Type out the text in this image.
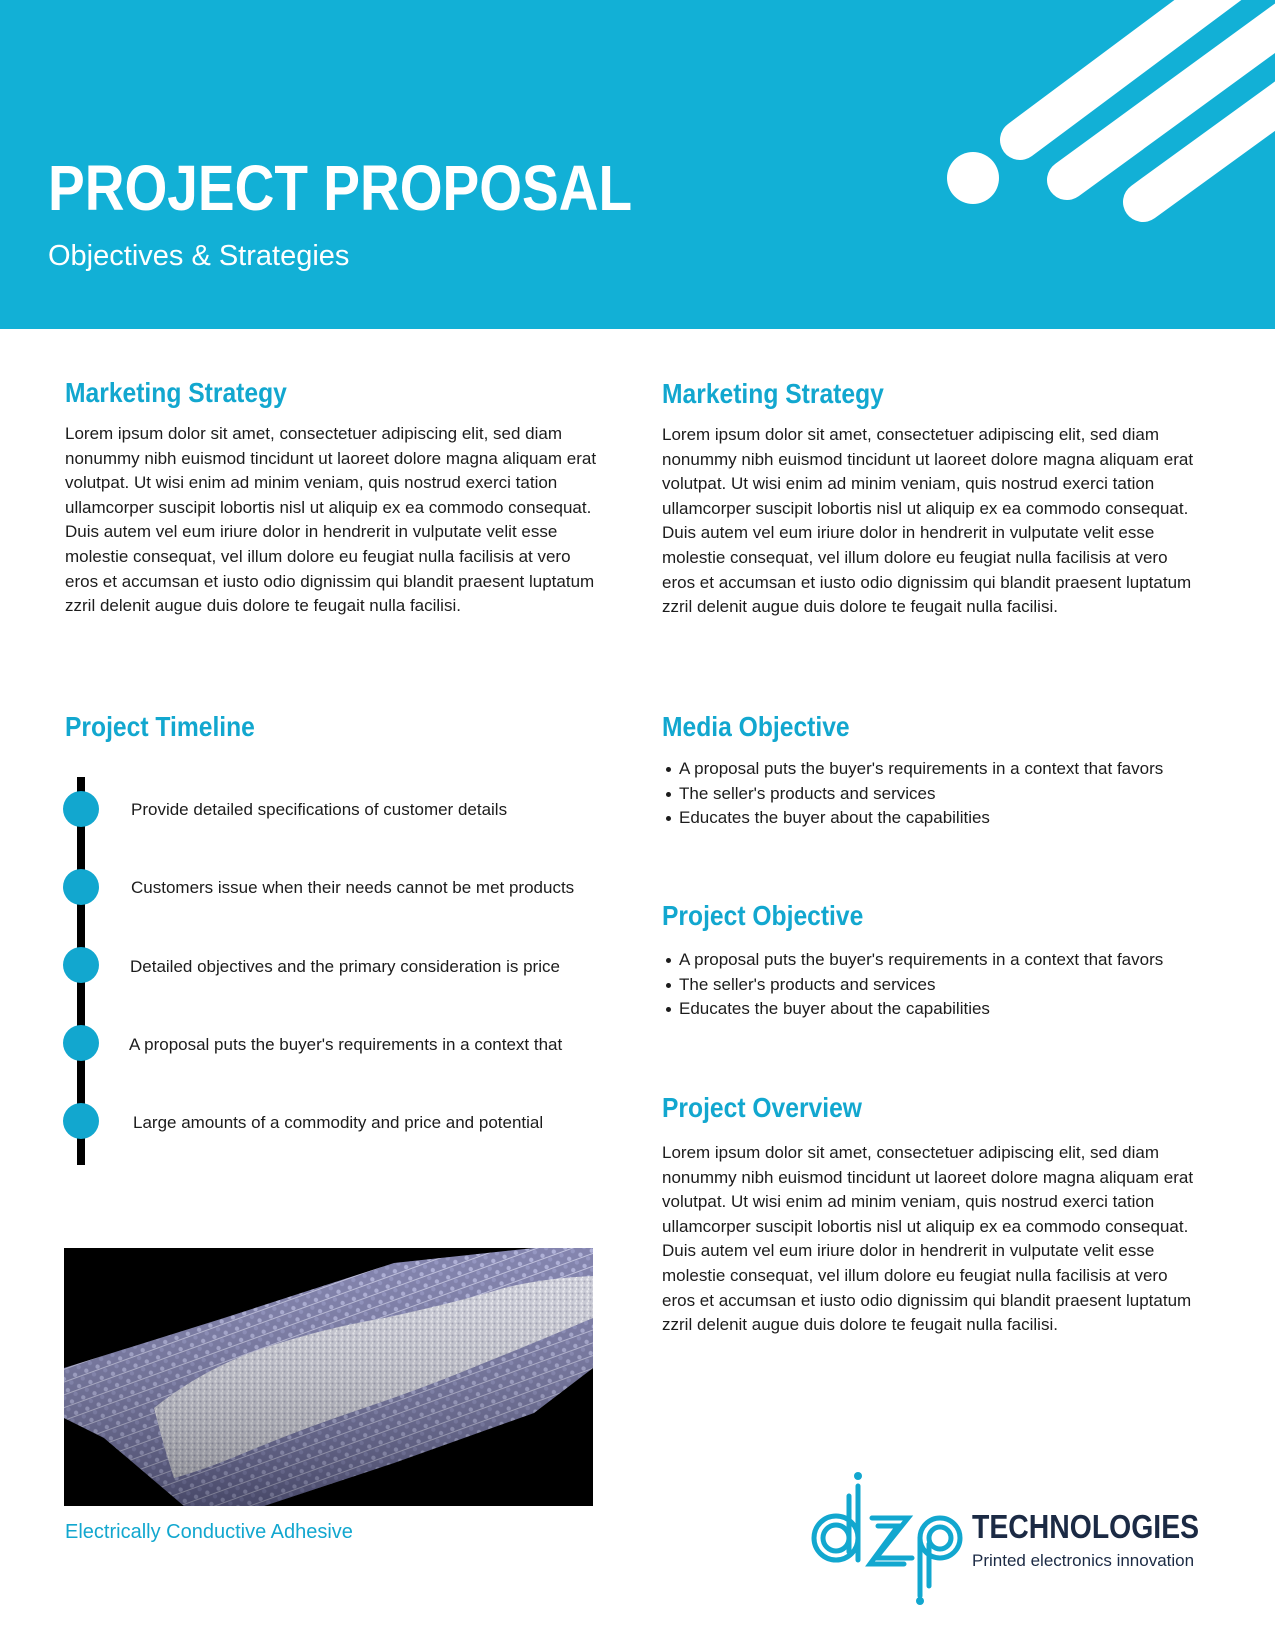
PROJECT PROPOSAL
Objectives & Strategies
Marketing Strategy

Lorem ipsum dolor sit amet, consectetuer adipiscing elit, sed diam nonummy nibh euismod tincidunt ut laoreet dolore magna aliquam erat volutpat. Ut wisi enim ad minim veniam, quis nostrud exerci tation ullamcorper suscipit lobortis nisl ut aliquip ex ea commodo consequat. Duis autem vel eum iriure dolor in hendrerit in vulputate velit esse molestie consequat, vel illum dolore eu feugiat nulla facilisis at vero eros et accumsan et iusto odio dignissim qui blandit praesent luptatum zzril delenit augue duis dolore te feugait nulla facilisi.

Project Timeline

Provide detailed specifications of customer details

Customers issue when their needs cannot be met products

Detailed objectives and the primary consideration is price

A proposal puts the buyer's requirements in a context that

Large amounts of a commodity and price and potential

Electrically Conductive Adhesive

Marketing Strategy

Lorem ipsum dolor sit amet, consectetuer adipiscing elit, sed diam nonummy nibh euismod tincidunt ut laoreet dolore magna aliquam erat volutpat. Ut wisi enim ad minim veniam, quis nostrud exerci tation ullamcorper suscipit lobortis nisl ut aliquip ex ea commodo consequat. Duis autem vel eum iriure dolor in hendrerit in vulputate velit esse molestie consequat, vel illum dolore eu feugiat nulla facilisis at vero eros et accumsan et iusto odio dignissim qui blandit praesent luptatum zzril delenit augue duis dolore te feugait nulla facilisi.

Media Objective
A proposal puts the buyer's requirements in a context that favors
The seller's products and services
Educates the buyer about the capabilities
Project Objective
A proposal puts the buyer's requirements in a context that favors
The seller's products and services
Educates the buyer about the capabilities
Project Overview

Lorem ipsum dolor sit amet, consectetuer adipiscing elit, sed diam nonummy nibh euismod tincidunt ut laoreet dolore magna aliquam erat volutpat. Ut wisi enim ad minim veniam, quis nostrud exerci tation ullamcorper suscipit lobortis nisl ut aliquip ex ea commodo consequat. Duis autem vel eum iriure dolor in hendrerit in vulputate velit esse molestie consequat, vel illum dolore eu feugiat nulla facilisis at vero eros et accumsan et iusto odio dignissim qui blandit praesent luptatum zzril delenit augue duis dolore te feugait nulla facilisi.

TECHNOLOGIES

Printed electronics innovation
